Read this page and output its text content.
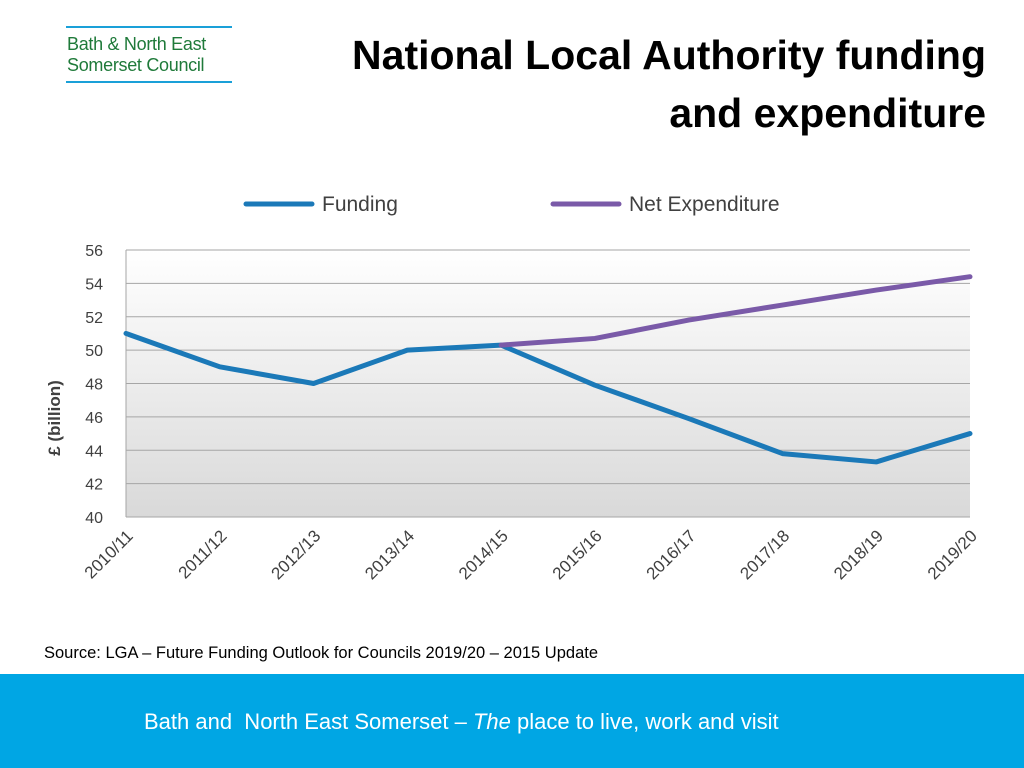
Bath & North East
Somerset Council	National Local Authority funding
and expenditure
40
42
44
46
48
50
52
54
56
£ (billion)
2010/11 2011/12 2012/13 2013/14 2014/15 2015/16 2016/17 2017/18 2018/19 2019/20
Funding	Net Expenditure
Source: LGA – Future Funding Outlook for Councils 2019/20 – 2015 Update
Bath and  North East Somerset – The place to live, work and visit
